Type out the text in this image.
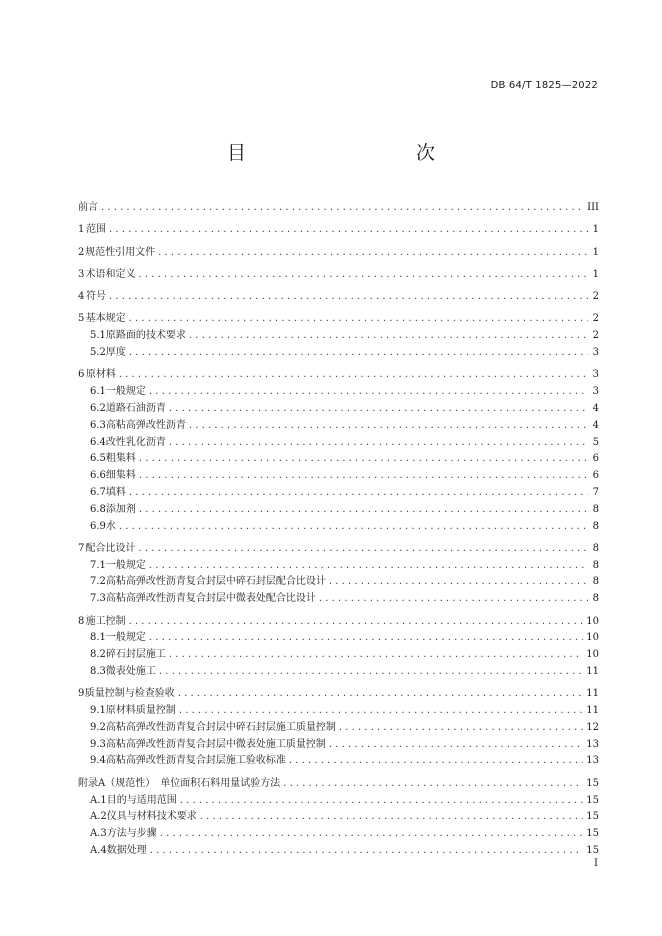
DB 64/T 1825—2022
目　　次
前言 . . .	III
1 范围 . . .	1
2 规范性引用文件 . . .	1
3 术语和定义 . . .	1
4 符号 . . .	2
5 基本规定 . . .	2
5.1 原路面的技术要求 . . .	2
5.2 厚度 . . .	3
6 原材料 . . .	3
6.1 一般规定 . . .	3
6.2 道路石油沥青 . . .	4
6.3 高粘高弹改性沥青 . . .	4
6.4 改性乳化沥青 . . .	5
6.5 粗集料 . . .	6
6.6 细集料 . . .	6
6.7 填料 . . .	7
6.8 添加剂 . . .	8
6.9 水 . . .	8
7 配合比设计 . . .	8
7.1 一般规定 . . .	8
7.2 高粘高弹改性沥青复合封层中碎石封层配合比设计 . . .	8
7.3 高粘高弹改性沥青复合封层中微表处配合比设计 . . .	8
8 施工控制 . . .	10
8.1 一般规定 . . .	10
8.2 碎石封层施工 . . .	10
8.3 微表处施工 . . .	11
9 质量控制与检查验收 . . .	11
9.1 原材料质量控制 . . .	11
9.2 高粘高弹改性沥青复合封层中碎石封层施工质量控制 . . .	12
9.3 高粘高弹改性沥青复合封层中微表处施工质量控制 . . .	13
9.4 高粘高弹改性沥青复合封层施工验收标准 . . .	13
附录A（规范性）　单位面积石料用量试验方法 . . .	15
A.1 目的与适用范围 . . .	15
A.2 仪具与材料技术要求 . . .	15
A.3 方法与步骤 . . .	15
A.4 数据处理 . . .	15
I
